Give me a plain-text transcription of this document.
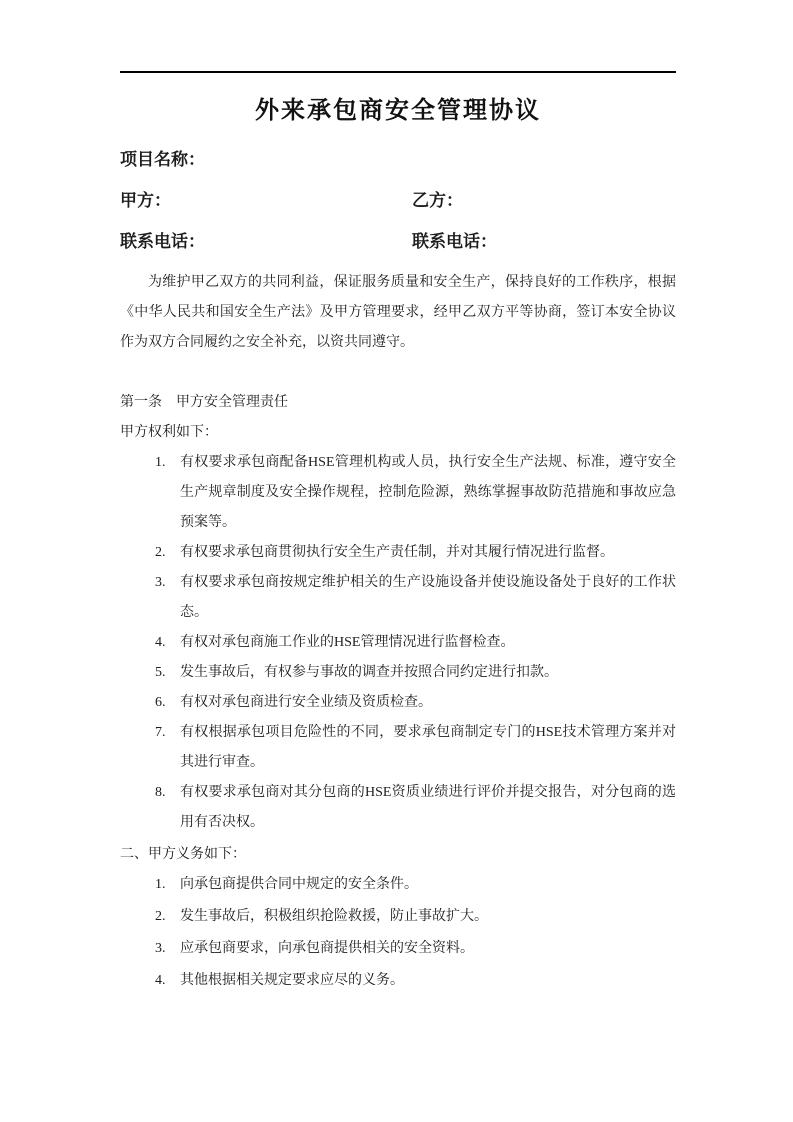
外来承包商安全管理协议
项目名称：
甲方：	乙方：
联系电话：	联系电话：

为维护甲乙双方的共同利益，保证服务质量和安全生产，保持良好的工作秩序，根据《中华人民共和国安全生产法》及甲方管理要求，经甲乙双方平等协商，签订本安全协议作为双方合同履约之安全补充，以资共同遵守。

第一条　甲方安全管理责任
甲方权利如下：
1. 有权要求承包商配备HSE管理机构或人员，执行安全生产法规、标准，遵守安全生产规章制度及安全操作规程，控制危险源，熟练掌握事故防范措施和事故应急预案等。
2. 有权要求承包商贯彻执行安全生产责任制，并对其履行情况进行监督。
3. 有权要求承包商按规定维护相关的生产设施设备并使设施设备处于良好的工作状态。
4. 有权对承包商施工作业的HSE管理情况进行监督检查。
5. 发生事故后，有权参与事故的调查并按照合同约定进行扣款。
6. 有权对承包商进行安全业绩及资质检查。
7. 有权根据承包项目危险性的不同，要求承包商制定专门的HSE技术管理方案并对其进行审查。
8. 有权要求承包商对其分包商的HSE资质业绩进行评价并提交报告，对分包商的选用有否决权。
二、甲方义务如下：
1. 向承包商提供合同中规定的安全条件。
2. 发生事故后，积极组织抢险救援，防止事故扩大。
3. 应承包商要求，向承包商提供相关的安全资料。
4. 其他根据相关规定要求应尽的义务。
